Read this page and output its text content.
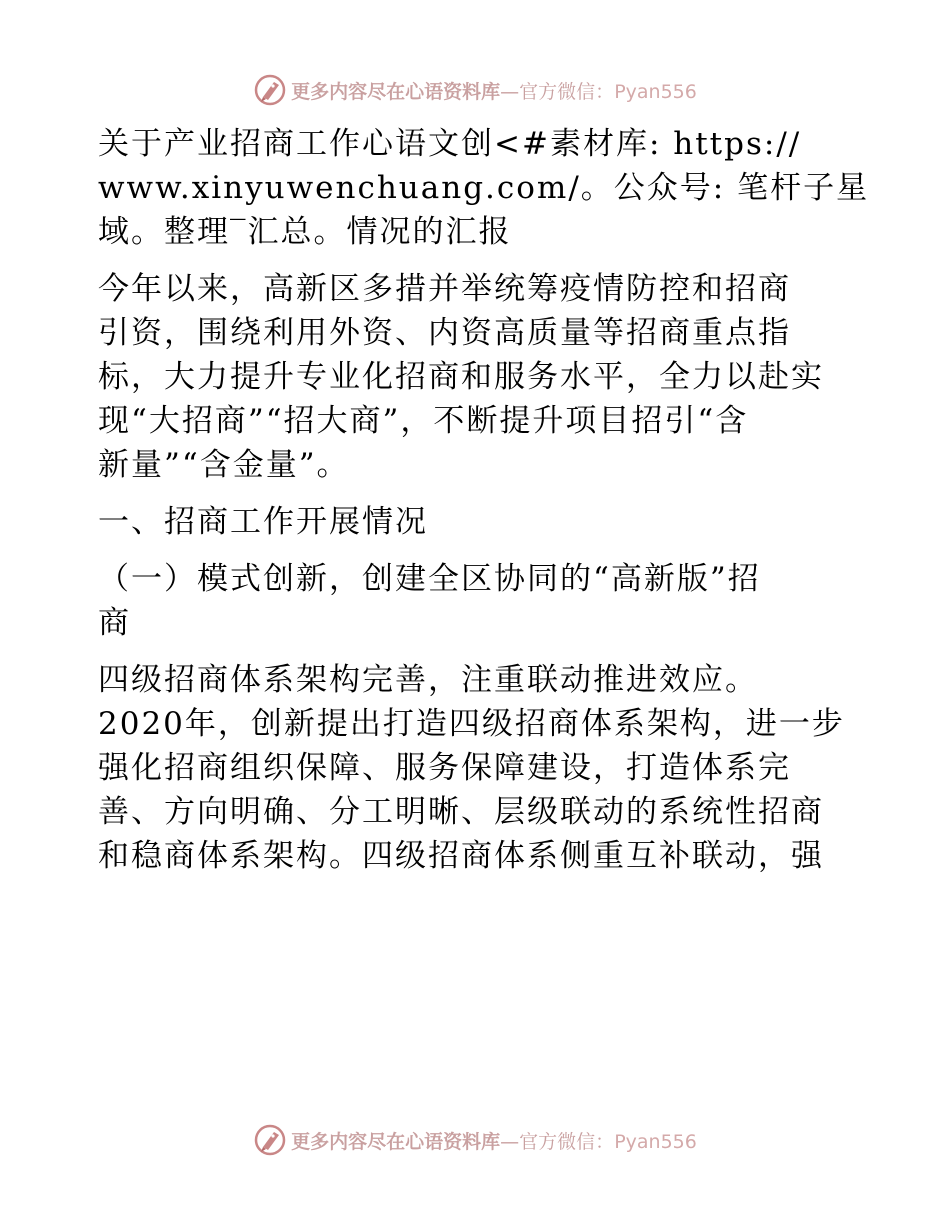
更多内容尽在心语资料库—官方微信：Pyan556

关于产业招商工作心语文创<#素材库: https://
www.xinyuwenchuang.com/。公众号: 笔杆子星
域。整理‾汇总。情况的汇报

今年以来，高新区多措并举统筹疫情防控和招商
引资，围绕利用外资、内资高质量等招商重点指
标，大力提升专业化招商和服务水平，全力以赴实
现“大招商”“招大商”，不断提升项目招引“含
新量”“含金量”。

一、招商工作开展情况

（一）模式创新，创建全区协同的“高新版”招
商

四级招商体系架构完善，注重联动推进效应。
2020年，创新提出打造四级招商体系架构，进一步
强化招商组织保障、服务保障建设，打造体系完
善、方向明确、分工明晰、层级联动的系统性招商
和稳商体系架构。四级招商体系侧重互补联动，强

更多内容尽在心语资料库—官方微信：Pyan556
